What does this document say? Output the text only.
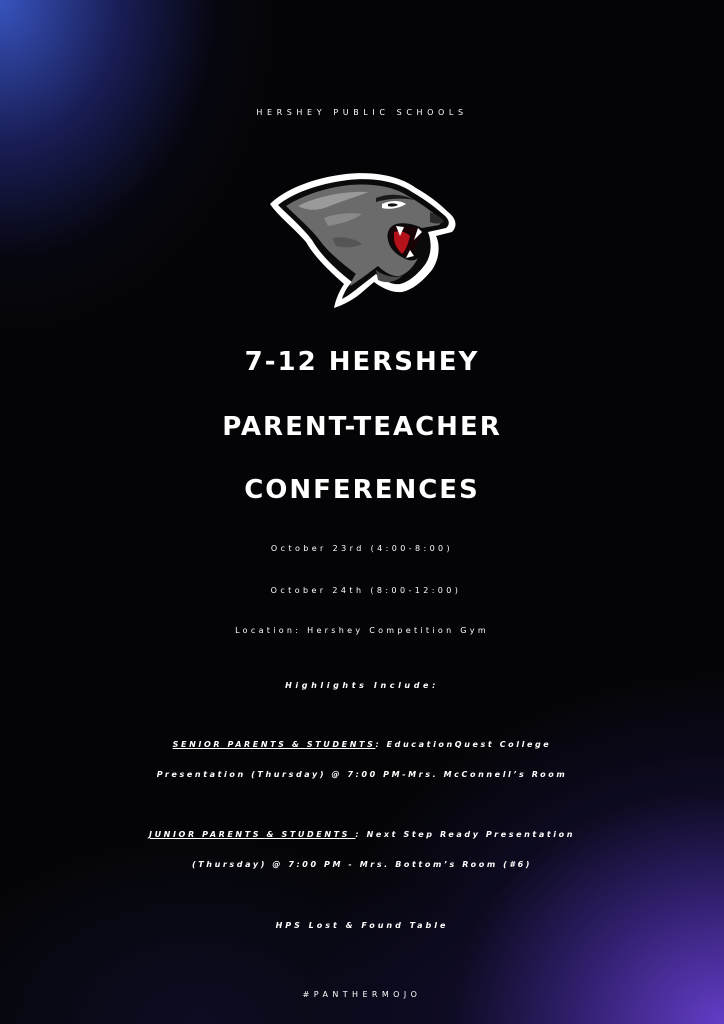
HERSHEY PUBLIC SCHOOLS
7-12 HERSHEY
PARENT-TEACHER
CONFERENCES
October 23rd (4:00-8:00)
October 24th (8:00-12:00)
Location: Hershey Competition Gym
Highlights Include:
SENIOR PARENTS & STUDENTS: EducationQuest College
Presentation (Thursday) @ 7:00 PM-Mrs. McConnell’s Room
JUNIOR PARENTS & STUDENTS : Next Step Ready Presentation
(Thursday) @ 7:00 PM - Mrs. Bottom’s Room (#6)
HPS Lost & Found Table
#PANTHERMOJO
